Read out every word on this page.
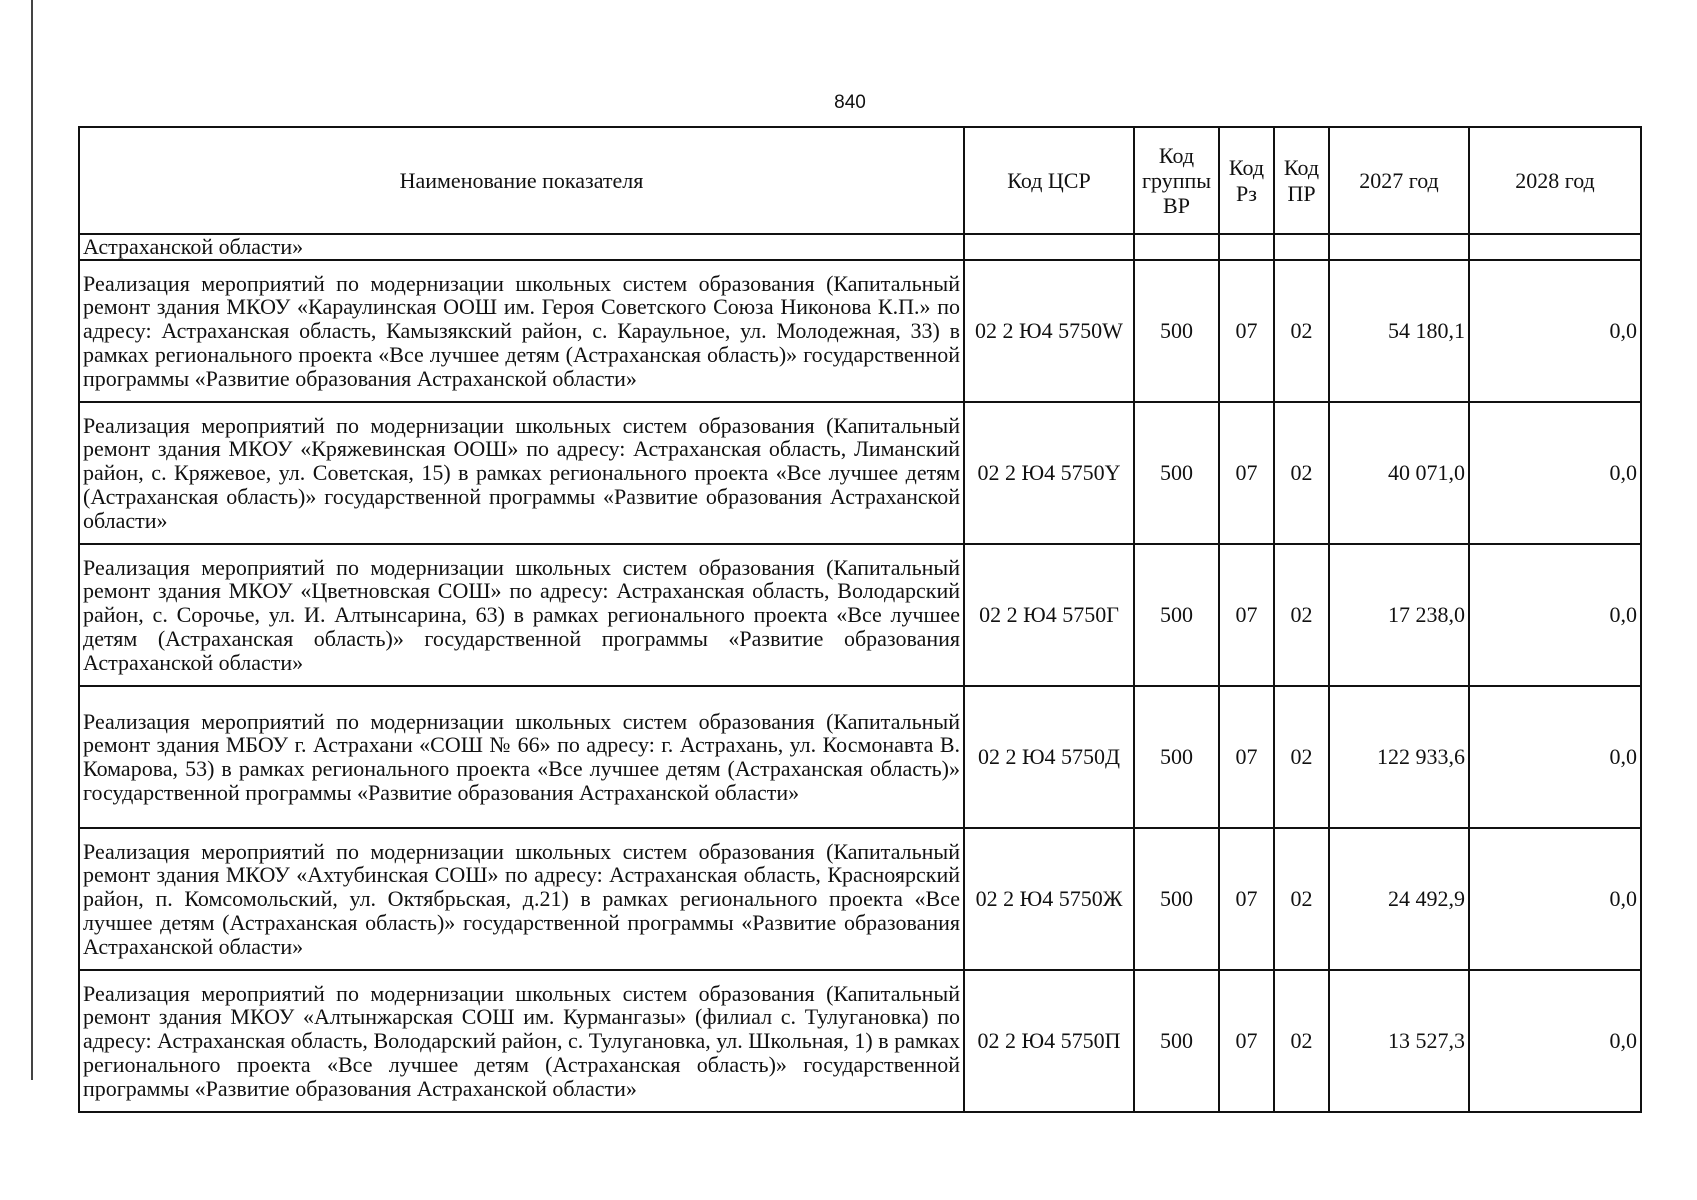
840
Наименование показателя	Код ЦСР	Код группы ВР	Код Рз	Код ПР	2027 год	2028 год
Астраханской области»						
Реализация мероприятий по модернизации школьных систем образования (Капитальный ремонт здания МКОУ «Караулинская ООШ им. Героя Советского Союза Никонова К.П.» по адресу: Астраханская область, Камызякский район, с. Караульное, ул. Молодежная, 33) в рамках регионального проекта «Все лучшее детям (Астраханская область)» государственной программы «Развитие образования Астраханской области»	02 2 Ю4 5750W	500	07	02	54 180,1	0,0
Реализация мероприятий по модернизации школьных систем образования (Капитальный ремонт здания МКОУ «Кряжевинская ООШ» по адресу: Астраханская область, Лиманский район, с. Кряжевое, ул. Советская, 15) в рамках регионального проекта «Все лучшее детям (Астраханская область)» государственной программы «Развитие образования Астраханской области»	02 2 Ю4 5750Y	500	07	02	40 071,0	0,0
Реализация мероприятий по модернизации школьных систем образования (Капитальный ремонт здания МКОУ «Цветновская СОШ» по адресу: Астраханская область, Володарский район, с. Сорочье, ул. И. Алтынсарина, 63) в рамках регионального проекта «Все лучшее детям (Астраханская область)» государственной программы «Развитие образования Астраханской области»	02 2 Ю4 5750Г	500	07	02	17 238,0	0,0
Реализация мероприятий по модернизации школьных систем образования (Капитальный ремонт здания МБОУ г. Астрахани «СОШ № 66» по адресу: г. Астрахань, ул. Космонавта В. Комарова, 53) в рамках регионального проекта «Все лучшее детям (Астраханская область)» государственной программы «Развитие образования Астраханской области»	02 2 Ю4 5750Д	500	07	02	122 933,6	0,0
Реализация мероприятий по модернизации школьных систем образования (Капитальный ремонт здания МКОУ «Ахтубинская СОШ» по адресу: Астраханская область, Красноярский район, п. Комсомольский, ул. Октябрьская, д.21) в рамках регионального проекта «Все лучшее детям (Астраханская область)» государственной программы «Развитие образования Астраханской области»	02 2 Ю4 5750Ж	500	07	02	24 492,9	0,0
Реализация мероприятий по модернизации школьных систем образования (Капитальный ремонт здания МКОУ «Алтынжарская СОШ им. Курмангазы» (филиал с. Тулугановка) по адресу: Астраханская область, Володарский район, с. Тулугановка, ул. Школьная, 1) в рамках регионального проекта «Все лучшее детям (Астраханская область)» государственной программы «Развитие образования Астраханской области»	02 2 Ю4 5750П	500	07	02	13 527,3	0,0
